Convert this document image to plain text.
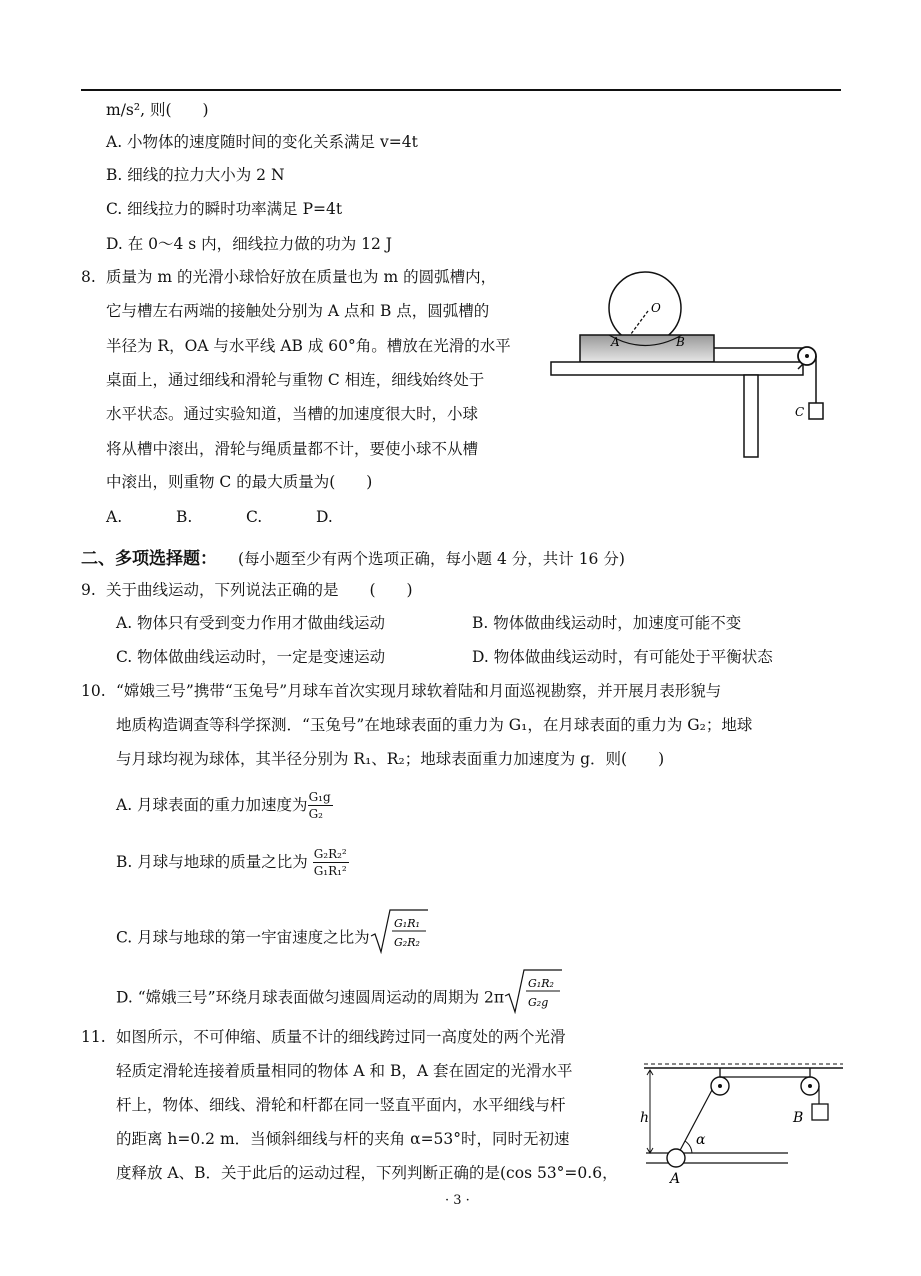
m/s², 则(　　)
A. 小物体的速度随时间的变化关系满足 v=4t
B. 细线的拉力大小为 2 N
C. 细线拉力的瞬时功率满足 P=4t
D. 在 0～4 s 内，细线拉力做的功为 12 J
8. 质量为 m 的光滑小球恰好放在质量也为 m 的圆弧槽内，
它与槽左右两端的接触处分别为 A 点和 B 点，圆弧槽的
半径为 R，OA 与水平线 AB 成 60°角。槽放在光滑的水平
桌面上，通过细线和滑轮与重物 C 相连，细线始终处于
水平状态。通过实验知道，当槽的加速度很大时，小球
将从槽中滚出，滑轮与绳质量都不计，要使小球不从槽
中滚出，则重物 C 的最大质量为(　　)
A.	B.	C.	D.
O
A	B
C
二、多项选择题： (每小题至少有两个选项正确，每小题 4 分，共计 16 分)
9. 关于曲线运动，下列说法正确的是　　(　　)
A. 物体只有受到变力作用才做曲线运动	B. 物体做曲线运动时，加速度可能不变
C. 物体做曲线运动时，一定是变速运动	D. 物体做曲线运动时，有可能处于平衡状态
10. “嫦娥三号”携带“玉兔号”月球车首次实现月球软着陆和月面巡视勘察，并开展月表形貌与
地质构造调查等科学探测．“玉兔号”在地球表面的重力为 G₁，在月球表面的重力为 G₂；地球
与月球均视为球体，其半径分别为 R₁、R₂；地球表面重力加速度为 g．则(　　)
A. 月球表面的重力加速度为 $\frac{\text{G₁g}}{\text{G₂}}$
B. 月球与地球的质量之比为 $\frac{\text{G₂R₂²}}{\text{G₁R₁²}}$
C. 月球与地球的第一宇宙速度之比为
G₁R₁
G₂R₂
D. “嫦娥三号”环绕月球表面做匀速圆周运动的周期为 2π
G₁R₂
G₂g
11. 如图所示，不可伸缩、质量不计的细线跨过同一高度处的两个光滑
轻质定滑轮连接着质量相同的物体 A 和 B，A 套在固定的光滑水平
杆上，物体、细线、滑轮和杆都在同一竖直平面内，水平细线与杆
的距离 h=0.2 m．当倾斜细线与杆的夹角 α=53°时，同时无初速
度释放 A、B．关于此后的运动过程，下列判断正确的是(cos 53°=0.6，
h
α
A
B
· 3 ·
